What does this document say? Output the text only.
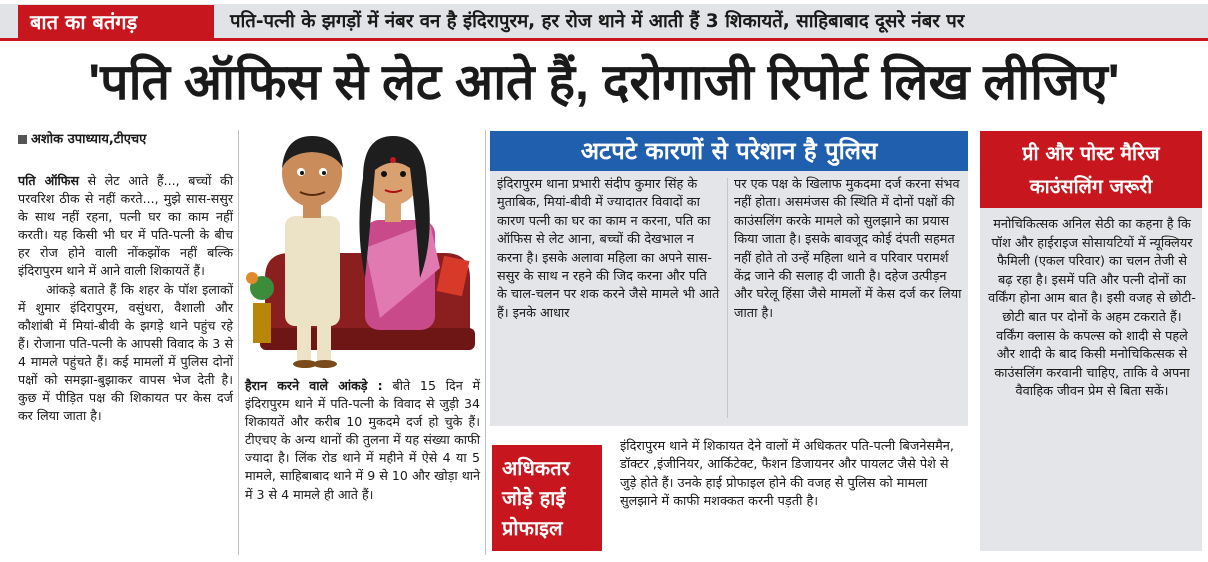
बात का बतंगड़	पति-पत्नी के झगड़ों में नंबर वन है इंदिरापुरम, हर रोज थाने में आती हैं 3 शिकायतें, साहिबाबाद दूसरे नंबर पर
'पति ऑफिस से लेट आते हैं, दरोगाजी रिपोर्ट लिख लीजिए'
अशोक उपाध्याय,टीएचए

पति ऑफिस से लेट आते हैं..., बच्चों की परवरिश ठीक से नहीं करते..., मुझे सास-ससुर के साथ नहीं रहना, पत्नी घर का काम नहीं करती। यह किसी भी घर में पति-पत्नी के बीच हर रोज होने वाली नोंकझोंक नहीं बल्कि इंदिरापुरम थाने में आने वाली शिकायतें हैं।

आंकड़े बताते हैं कि शहर के पॉश इलाकों में शुमार इंदिरापुरम, वसुंधरा, वैशाली और कौशांबी में मियां-बीवी के झगड़े थाने पहुंच रहे हैं। रोजाना पति-पत्नी के आपसी विवाद के 3 से 4 मामले पहुंचते हैं। कई मामलों में पुलिस दोनों पक्षों को समझा-बुझाकर वापस भेज देती है। कुछ में पीड़ित पक्ष की शिकायत पर केस दर्ज कर लिया जाता है।

हैरान करने वाले आंकड़े : बीते 15 दिन में इंदिरापुरम थाने में पति-पत्नी के विवाद से जुड़ी 34 शिकायतें और करीब 10 मुकदमे दर्ज हो चुके हैं। टीएचए के अन्य थानों की तुलना में यह संख्या काफी ज्यादा है। लिंक रोड थाने में महीने में ऐसे 4 या 5 मामले, साहिबाबाद थाने में 9 से 10 और खोड़ा थाने में 3 से 4 मामले ही आते हैं।

अटपटे कारणों से परेशान है पुलिस
इंदिरापुरम थाना प्रभारी संदीप कुमार सिंह के मुताबिक, मियां-बीवी में ज्यादातर विवादों का कारण पत्नी का घर का काम न करना, पति का ऑफिस से लेट आना, बच्चों की देखभाल न करना है। इसके अलावा महिला का अपने सास-ससुर के साथ न रहने की जिद करना और पति के चाल-चलन पर शक करने जैसे मामले भी आते हैं। इनके आधार
पर एक पक्ष के खिलाफ मुकदमा दर्ज करना संभव नहीं होता। असमंजस की स्थिति में दोनों पक्षों की काउंसलिंग करके मामले को सुलझाने का प्रयास किया जाता है। इसके बावजूद कोई दंपती सहमत नहीं होते तो उन्हें महिला थाने व परिवार परामर्श केंद्र जाने की सलाह दी जाती है। दहेज उत्पीड़न और घरेलू हिंसा जैसे मामलों में केस दर्ज कर लिया जाता है।
अधिकतर
जोड़े हाई
प्रोफाइल
इंदिरापुरम थाने में शिकायत देने वालों में अधिकतर पति-पत्नी बिजनेसमैन, डॉक्टर ,इंजीनियर, आर्किटेक्ट, फैशन डिजायनर और पायलट जैसे पेशे से जुड़े होते हैं। उनके हाई प्रोफाइल होने की वजह से पुलिस को मामला सुलझाने में काफी मशक्कत करनी पड़ती है।
प्री और पोस्ट मैरिज
काउंसलिंग जरूरी
मनोचिकित्सक अनिल सेठी का कहना है कि पॉश और हाईराइज सोसायटियों में न्यूक्लियर फैमिली (एकल परिवार) का चलन तेजी से बढ़ रहा है। इसमें पति और पत्नी दोनों का वर्किंग होना आम बात है। इसी वजह से छोटी-छोटी बात पर दोनों के अहम टकराते हैं। वर्किंग क्लास के कपल्स को शादी से पहले और शादी के बाद किसी मनोचिकित्सक से काउंसलिंग करवानी चाहिए, ताकि वे अपना वैवाहिक जीवन प्रेम से बिता सकें।
